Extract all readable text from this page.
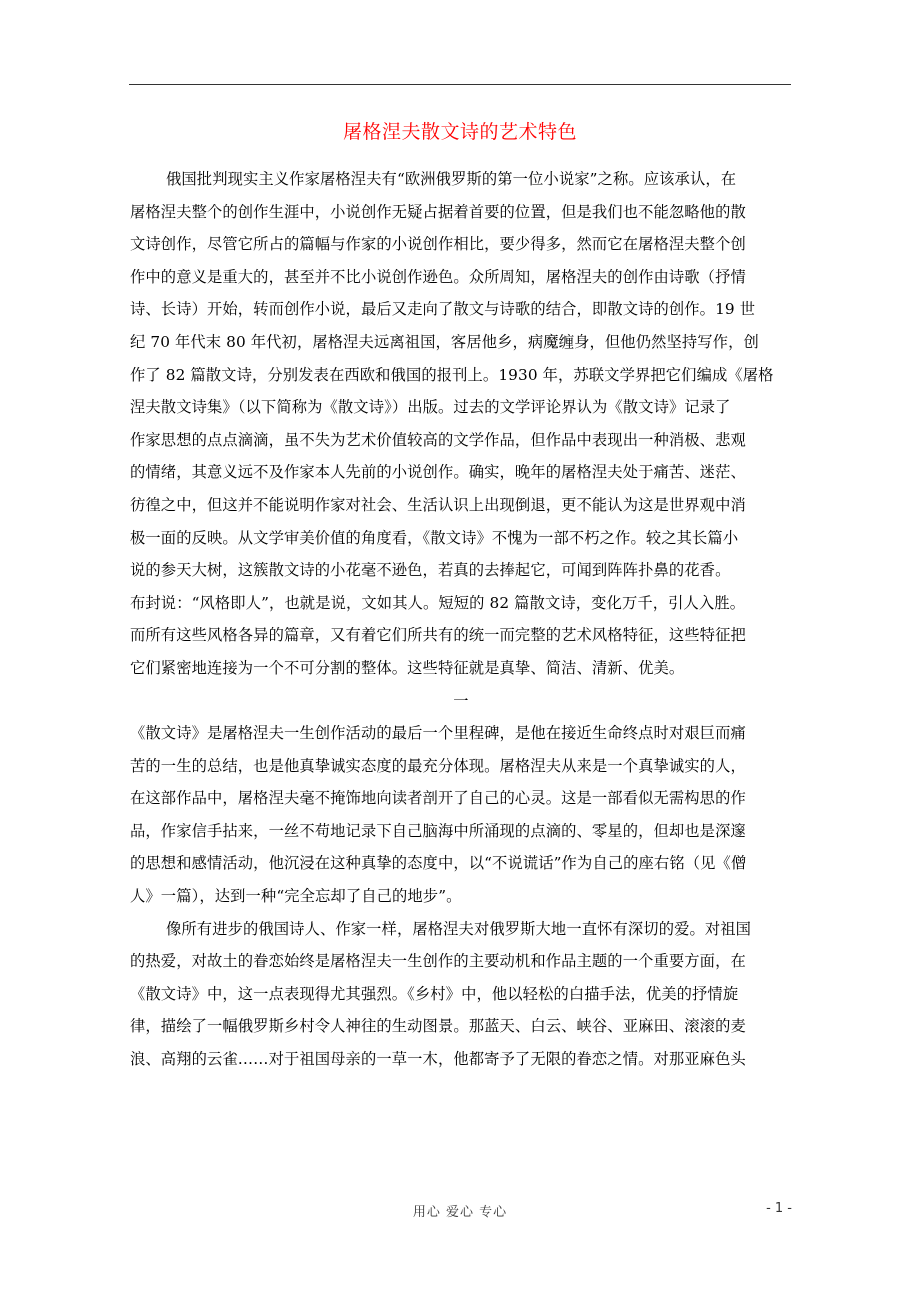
屠格涅夫散文诗的艺术特色
俄国批判现实主义作家屠格涅夫有“欧洲俄罗斯的第一位小说家”之称。应该承认，在
屠格涅夫整个的创作生涯中，小说创作无疑占据着首要的位置，但是我们也不能忽略他的散
文诗创作，尽管它所占的篇幅与作家的小说创作相比，要少得多，然而它在屠格涅夫整个创
作中的意义是重大的，甚至并不比小说创作逊色。众所周知，屠格涅夫的创作由诗歌（抒情
诗、长诗）开始，转而创作小说，最后又走向了散文与诗歌的结合，即散文诗的创作。19 世
纪 70 年代末 80 年代初，屠格涅夫远离祖国，客居他乡，病魔缠身，但他仍然坚持写作，创
作了 82 篇散文诗，分别发表在西欧和俄国的报刊上。1930 年，苏联文学界把它们编成《屠格
涅夫散文诗集》（以下简称为《散文诗》）出版。过去的文学评论界认为《散文诗》记录了
作家思想的点点滴滴，虽不失为艺术价值较高的文学作品，但作品中表现出一种消极、悲观
的情绪，其意义远不及作家本人先前的小说创作。确实，晚年的屠格涅夫处于痛苦、迷茫、
彷徨之中，但这并不能说明作家对社会、生活认识上出现倒退，更不能认为这是世界观中消
极一面的反映。从文学审美价值的角度看，《散文诗》不愧为一部不朽之作。较之其长篇小
说的参天大树，这簇散文诗的小花毫不逊色，若真的去捧起它，可闻到阵阵扑鼻的花香。
布封说：“风格即人”，也就是说，文如其人。短短的 82 篇散文诗，变化万千，引人入胜。
而所有这些风格各异的篇章，又有着它们所共有的统一而完整的艺术风格特征，这些特征把
它们紧密地连接为一个不可分割的整体。这些特征就是真挚、简洁、清新、优美。
一
《散文诗》是屠格涅夫一生创作活动的最后一个里程碑，是他在接近生命终点时对艰巨而痛
苦的一生的总结，也是他真挚诚实态度的最充分体现。屠格涅夫从来是一个真挚诚实的人，
在这部作品中，屠格涅夫毫不掩饰地向读者剖开了自己的心灵。这是一部看似无需构思的作
品，作家信手拈来，一丝不苟地记录下自己脑海中所涌现的点滴的、零星的，但却也是深邃
的思想和感情活动，他沉浸在这种真挚的态度中，以“不说谎话”作为自己的座右铭（见《僧
人》一篇），达到一种“完全忘却了自己的地步”。
像所有进步的俄国诗人、作家一样，屠格涅夫对俄罗斯大地一直怀有深切的爱。对祖国
的热爱，对故土的眷恋始终是屠格涅夫一生创作的主要动机和作品主题的一个重要方面，在
《散文诗》中，这一点表现得尤其强烈。《乡村》中，他以轻松的白描手法，优美的抒情旋
律，描绘了一幅俄罗斯乡村令人神往的生动图景。那蓝天、白云、峡谷、亚麻田、滚滚的麦
浪、高翔的云雀……对于祖国母亲的一草一木，他都寄予了无限的眷恋之情。对那亚麻色头
用心 爱心 专心	- 1 -
